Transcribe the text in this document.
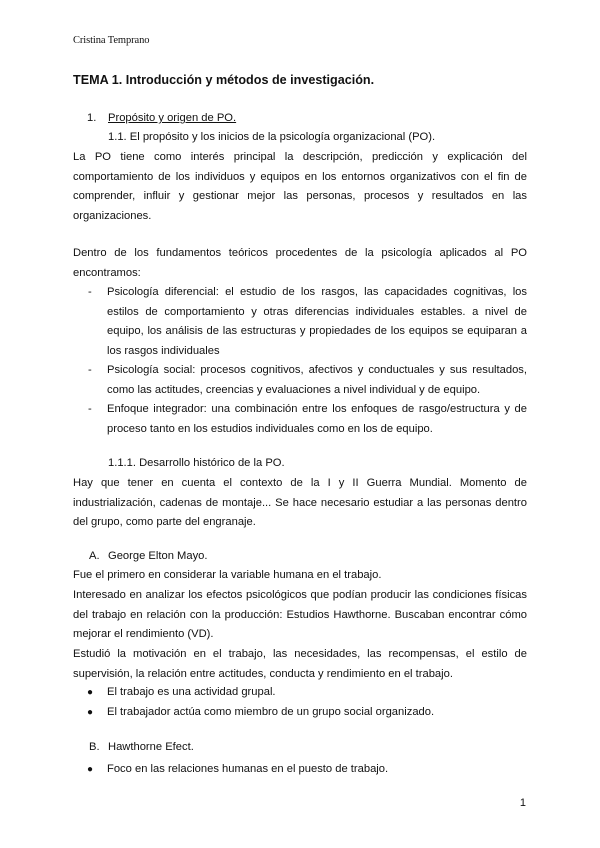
Cristina Temprano
TEMA 1. Introducción y métodos de investigación.
1. Propósito y origen de PO.
1.1. El propósito y los inicios de la psicología organizacional (PO).
La PO tiene como interés principal la descripción, predicción y explicación del comportamiento de los individuos y equipos en los entornos organizativos con el fin de comprender, influir y gestionar mejor las personas, procesos y resultados en las organizaciones.
Dentro de los fundamentos teóricos procedentes de la psicología aplicados al PO encontramos:
- Psicología diferencial: el estudio de los rasgos, las capacidades cognitivas, los estilos de comportamiento y otras diferencias individuales estables. a nivel de equipo, los análisis de las estructuras y propiedades de los equipos se equiparan a los rasgos individuales
- Psicología social: procesos cognitivos, afectivos y conductuales y sus resultados, como las actitudes, creencias y evaluaciones a nivel individual y de equipo.
- Enfoque integrador: una combinación entre los enfoques de rasgo/estructura y de proceso tanto en los estudios individuales como en los de equipo.
1.1.1. Desarrollo histórico de la PO.
Hay que tener en cuenta el contexto de la I y II Guerra Mundial. Momento de industrialización, cadenas de montaje... Se hace necesario estudiar a las personas dentro del grupo, como parte del engranaje.
A. George Elton Mayo.
Fue el primero en considerar la variable humana en el trabajo.
Interesado en analizar los efectos psicológicos que podían producir las condiciones físicas del trabajo en relación con la producción: Estudios Hawthorne. Buscaban encontrar cómo mejorar el rendimiento (VD).
Estudió la motivación en el trabajo, las necesidades, las recompensas, el estilo de supervisión, la relación entre actitudes, conducta y rendimiento en el trabajo.
● El trabajo es una actividad grupal.
● El trabajador actúa como miembro de un grupo social organizado.
B. Hawthorne Efect.
● Foco en las relaciones humanas en el puesto de trabajo.
1
